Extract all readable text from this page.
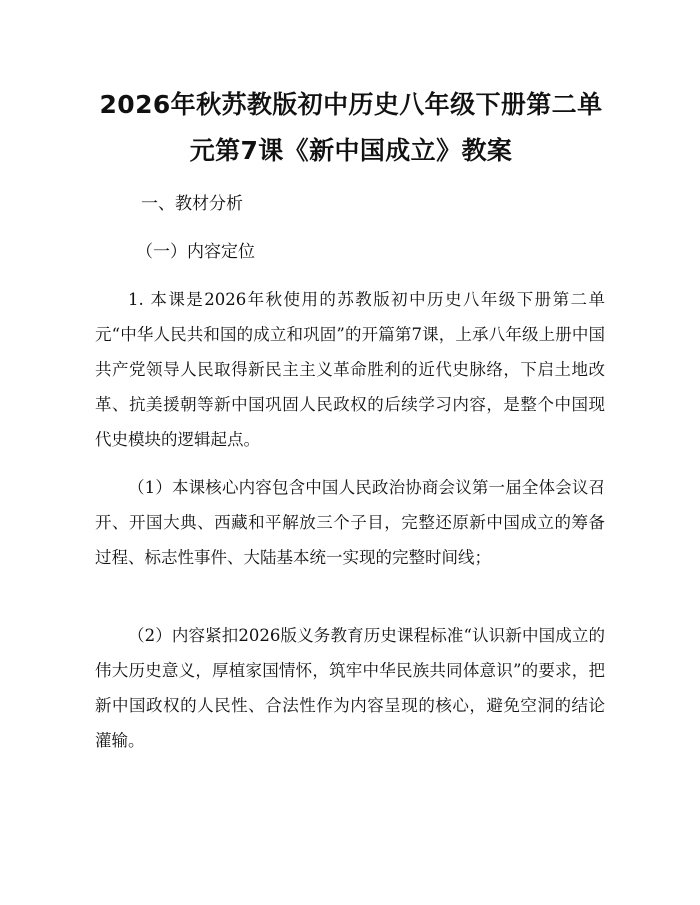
2026年秋苏教版初中历史八年级下册第二单元第7课《新中国成立》教案

一、教材分析

（一）内容定位

1. 本课是2026年秋使用的苏教版初中历史八年级下册第二单元“中华人民共和国的成立和巩固”的开篇第7课，上承八年级上册中国共产党领导人民取得新民主主义革命胜利的近代史脉络，下启土地改革、抗美援朝等新中国巩固人民政权的后续学习内容，是整个中国现代史模块的逻辑起点。

（1）本课核心内容包含中国人民政治协商会议第一届全体会议召开、开国大典、西藏和平解放三个子目，完整还原新中国成立的筹备过程、标志性事件、大陆基本统一实现的完整时间线；

（2）内容紧扣2026版义务教育历史课程标准“认识新中国成立的伟大历史意义，厚植家国情怀，筑牢中华民族共同体意识”的要求，把新中国政权的人民性、合法性作为内容呈现的核心，避免空洞的结论灌输。
